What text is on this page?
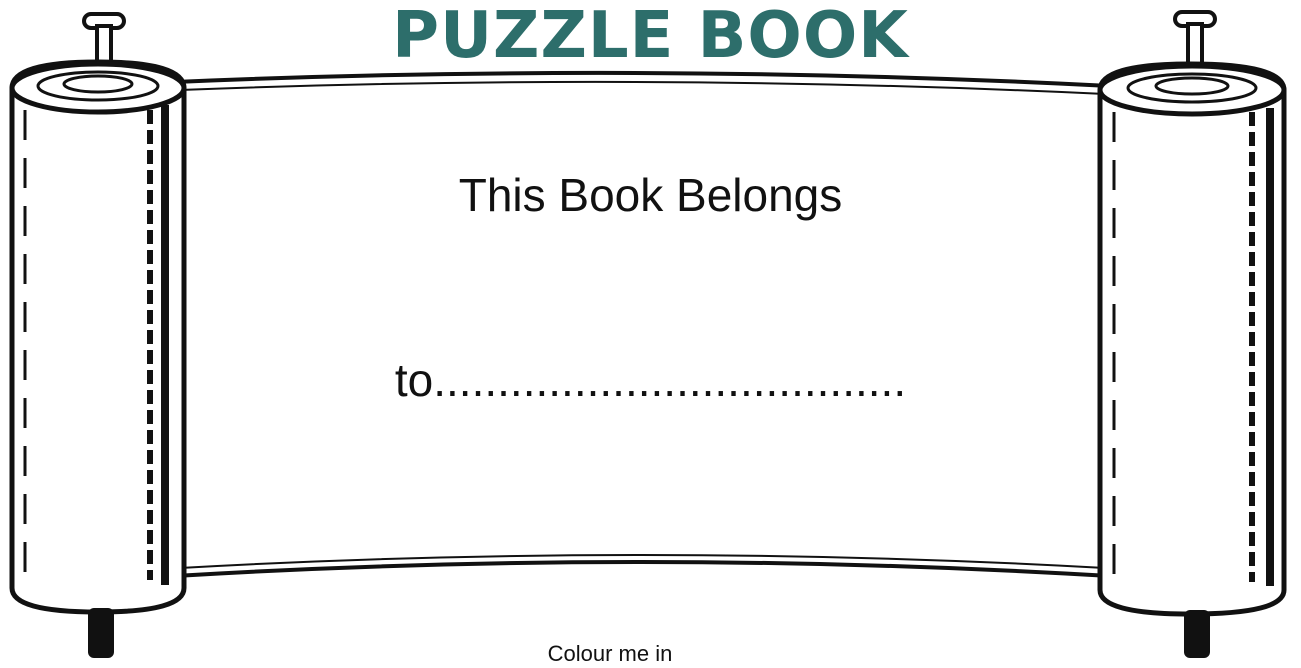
PUZZLE BOOK
This Book Belongs
to.....................................
Colour me in
